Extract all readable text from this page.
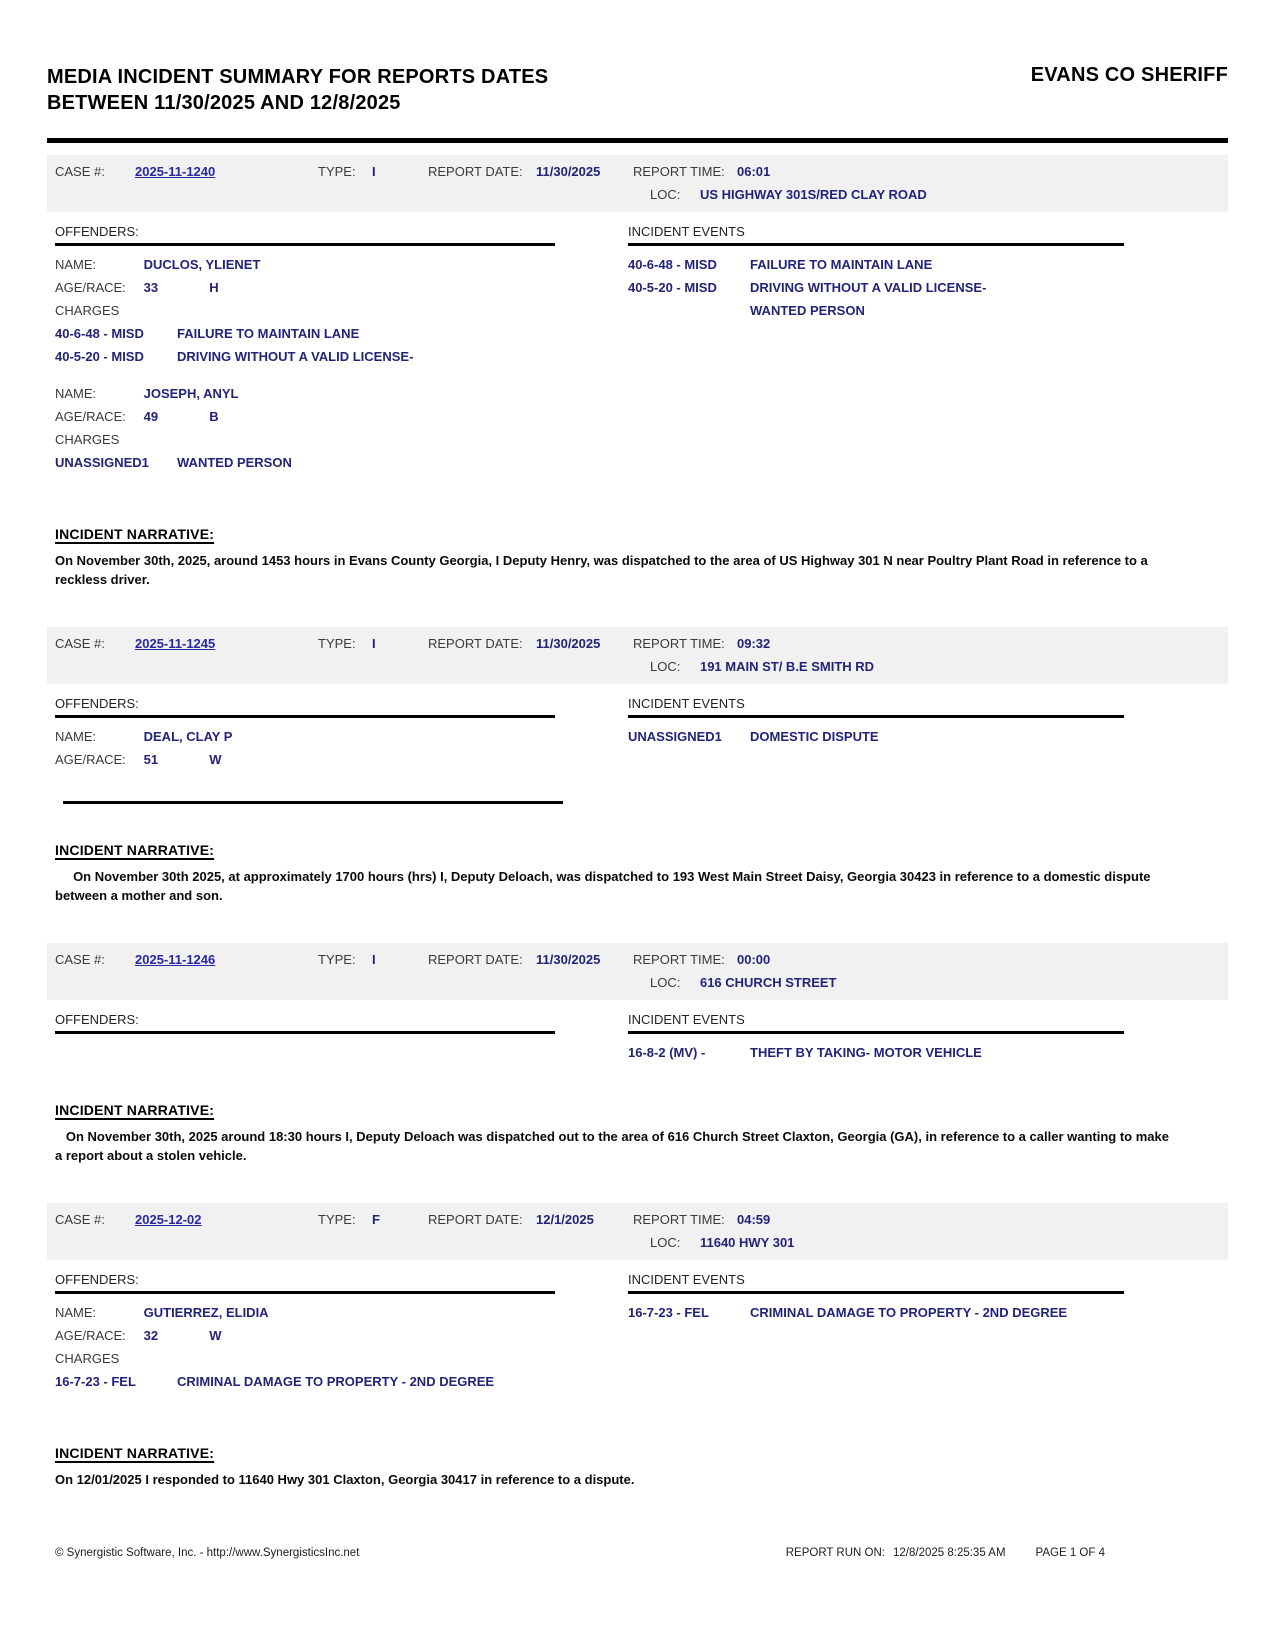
MEDIA INCIDENT SUMMARY FOR REPORTS DATES
BETWEEN 11/30/2025 AND 12/8/2025
EVANS CO SHERIFF
CASE #:	2025-11-1240	TYPE:	I	REPORT DATE:	11/30/2025	REPORT TIME: 06:01
LOC: US HIGHWAY 301S/RED CLAY ROAD
OFFENDERS:
NAME:	DUCLOS, YLIENET
AGE/RACE: 33	H
CHARGES
40-6-48 - MISD	FAILURE TO MAINTAIN LANE
40-5-20 - MISD	DRIVING WITHOUT A VALID LICENSE-
NAME:	JOSEPH, ANYL
AGE/RACE: 49	B
CHARGES
UNASSIGNED1 WANTED PERSON
INCIDENT EVENTS
40-6-48 - MISD	FAILURE TO MAINTAIN LANE
40-5-20 - MISD	DRIVING WITHOUT A VALID LICENSE-
WANTED PERSON
INCIDENT NARRATIVE:
On November 30th, 2025, around 1453 hours in Evans County Georgia, I Deputy Henry, was dispatched to the area of US Highway 301 N near Poultry Plant Road in reference to a reckless driver.
CASE #:	2025-11-1245	TYPE:	I	REPORT DATE:	11/30/2025	REPORT TIME: 09:32
LOC: 191 MAIN ST/ B.E SMITH RD
OFFENDERS:
NAME:	DEAL, CLAY P
AGE/RACE: 51	W
INCIDENT EVENTS
UNASSIGNED1 DOMESTIC DISPUTE
INCIDENT NARRATIVE:
On November 30th 2025, at approximately 1700 hours (hrs) I, Deputy Deloach, was dispatched to 193 West Main Street Daisy, Georgia 30423 in reference to a domestic dispute between a mother and son.
CASE #:	2025-11-1246	TYPE:	I	REPORT DATE:	11/30/2025	REPORT TIME: 00:00
LOC: 616 CHURCH STREET
OFFENDERS:	INCIDENT EVENTS
16-8-2 (MV) -	THEFT BY TAKING- MOTOR VEHICLE
INCIDENT NARRATIVE:
On November 30th, 2025 around 18:30 hours I, Deputy Deloach was dispatched out to the area of 616 Church Street Claxton, Georgia (GA), in reference to a caller wanting to make a report about a stolen vehicle.
CASE #:	2025-12-02	TYPE:	F	REPORT DATE:	12/1/2025	REPORT TIME: 04:59
LOC: 11640 HWY 301
OFFENDERS:
NAME:	GUTIERREZ, ELIDIA
AGE/RACE: 32	W
CHARGES
16-7-23 - FEL	CRIMINAL DAMAGE TO PROPERTY - 2ND DEGREE
INCIDENT EVENTS
16-7-23 - FEL	CRIMINAL DAMAGE TO PROPERTY - 2ND DEGREE
INCIDENT NARRATIVE:
On 12/01/2025 I responded to 11640 Hwy 301 Claxton, Georgia 30417 in reference to a dispute.
© Synergistic Software, Inc. - http://www.SynergisticsInc.net	REPORT RUN ON: 12/8/2025 8:25:35 AM	PAGE 1 OF 4
